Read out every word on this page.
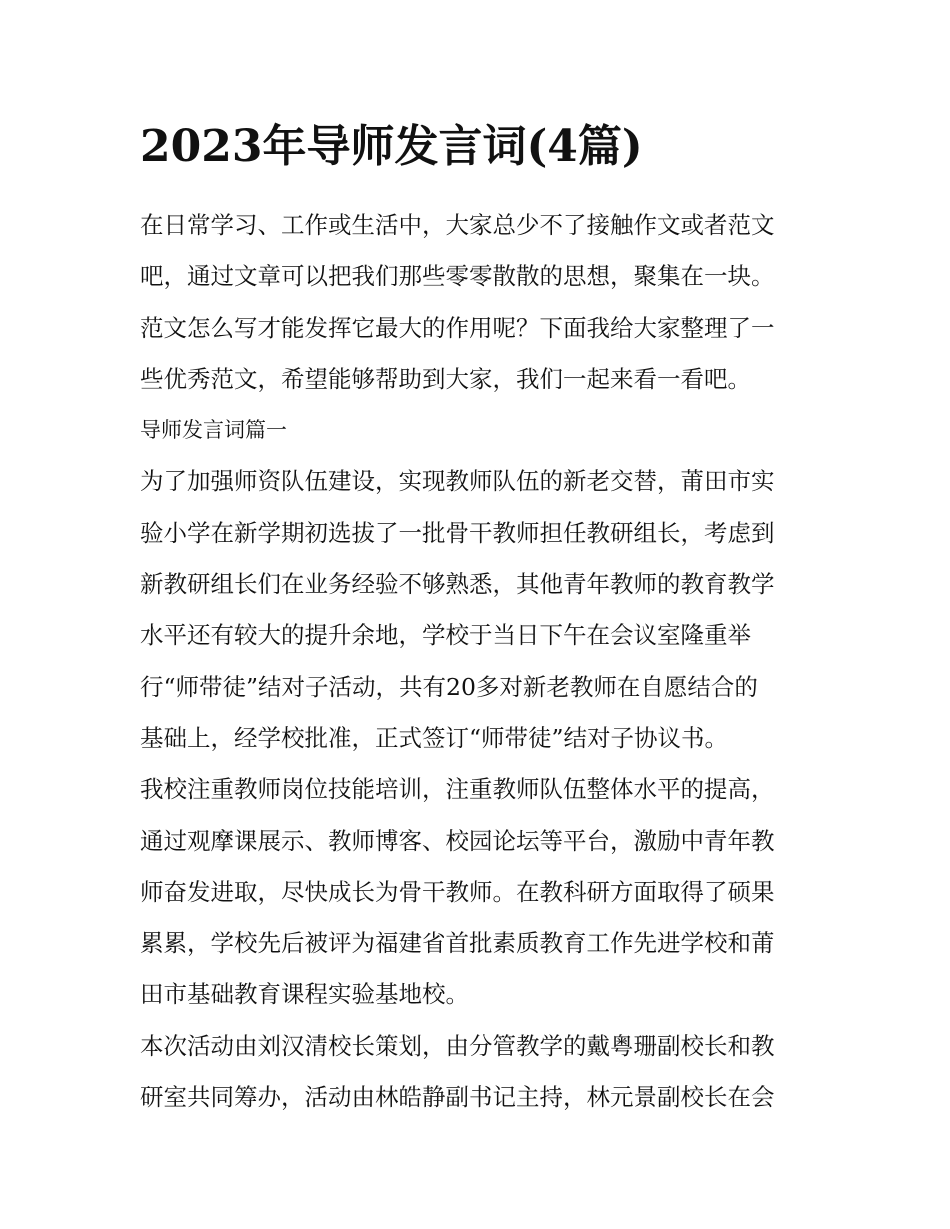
2023年导师发言词(4篇)
在日常学习、工作或生活中，大家总少不了接触作文或者范文
吧，通过文章可以把我们那些零零散散的思想，聚集在一块。
范文怎么写才能发挥它最大的作用呢？下面我给大家整理了一
些优秀范文，希望能够帮助到大家，我们一起来看一看吧。
导师发言词篇一
为了加强师资队伍建设，实现教师队伍的新老交替，莆田市实
验小学在新学期初选拔了一批骨干教师担任教研组长，考虑到
新教研组长们在业务经验不够熟悉，其他青年教师的教育教学
水平还有较大的提升余地，学校于当日下午在会议室隆重举
行“师带徒”结对子活动，共有20多对新老教师在自愿结合的
基础上，经学校批准，正式签订“师带徒”结对子协议书。
我校注重教师岗位技能培训，注重教师队伍整体水平的提高，
通过观摩课展示、教师博客、校园论坛等平台，激励中青年教
师奋发进取，尽快成长为骨干教师。在教科研方面取得了硕果
累累，学校先后被评为福建省首批素质教育工作先进学校和莆
田市基础教育课程实验基地校。
本次活动由刘汉清校长策划，由分管教学的戴粤珊副校长和教
研室共同筹办，活动由林皓静副书记主持，林元景副校长在会
